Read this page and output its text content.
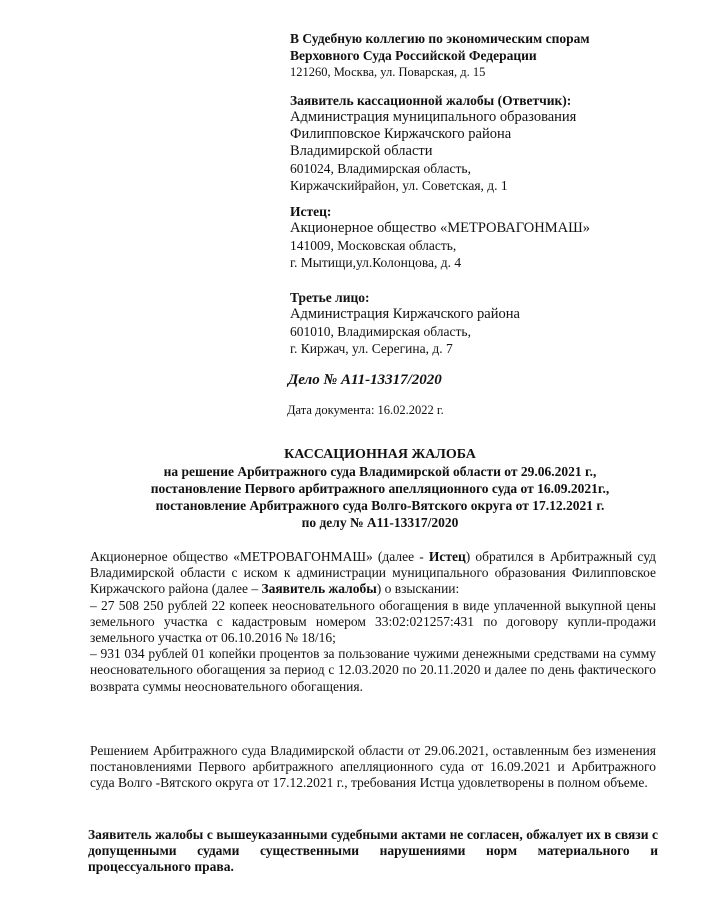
В Судебную коллегию по экономическим спорам
Верховного Суда Российской Федерации
121260, Москва, ул. Поварская, д. 15
Заявитель кассационной жалобы (Ответчик):
Администрация муниципального образования
Филипповское Киржачского района
Владимирской области
601024, Владимирская область,
Киржачскийрайон, ул. Советская, д. 1
Истец:
Акционерное общество «МЕТРОВАГОНМАШ»
141009, Московская область,
г. Мытищи,ул.Колонцова, д. 4
Третье лицо:
Администрация Киржачского района
601010, Владимирская область,
г. Киржач, ул. Серегина, д. 7
Дело № А11-13317/2020
Дата документа: 16.02.2022 г.
КАССАЦИОННАЯ ЖАЛОБА
на решение Арбитражного суда Владимирской области от 29.06.2021 г.,
постановление Первого арбитражного апелляционного суда от 16.09.2021г.,
постановление Арбитражного суда Волго-Вятского округа от 17.12.2021 г.
по делу № А11-13317/2020

Акционерное общество «МЕТРОВАГОНМАШ» (далее - Истец) обратился в Арбитражный суд Владимирской области с иском к администрации муниципального образования Филипповское Киржачского района (далее – Заявитель жалобы) о взыскании:

– 27 508 250 рублей 22 копеек неосновательного обогащения в виде уплаченной выкупной цены земельного участка с кадастровым номером 33:02:021257:431 по договору купли-продажи земельного участка от 06.10.2016 № 18/16;

– 931 034 рублей 01 копейки процентов за пользование чужими денежными средствами на сумму неосновательного обогащения за период с 12.03.2020 по 20.11.2020 и далее по день фактического возврата суммы неосновательного обогащения.

Решением Арбитражного суда Владимирской области от 29.06.2021, оставленным без изменения постановлениями Первого арбитражного апелляционного суда от 16.09.2021 и Арбитражного суда Волго -Вятского округа от 17.12.2021 г., требования Истца удовлетворены в полном объеме.

Заявитель жалобы с вышеуказанными судебными актами не согласен, обжалует их в связи с допущенными судами существенными нарушениями норм материального и процессуального права.
